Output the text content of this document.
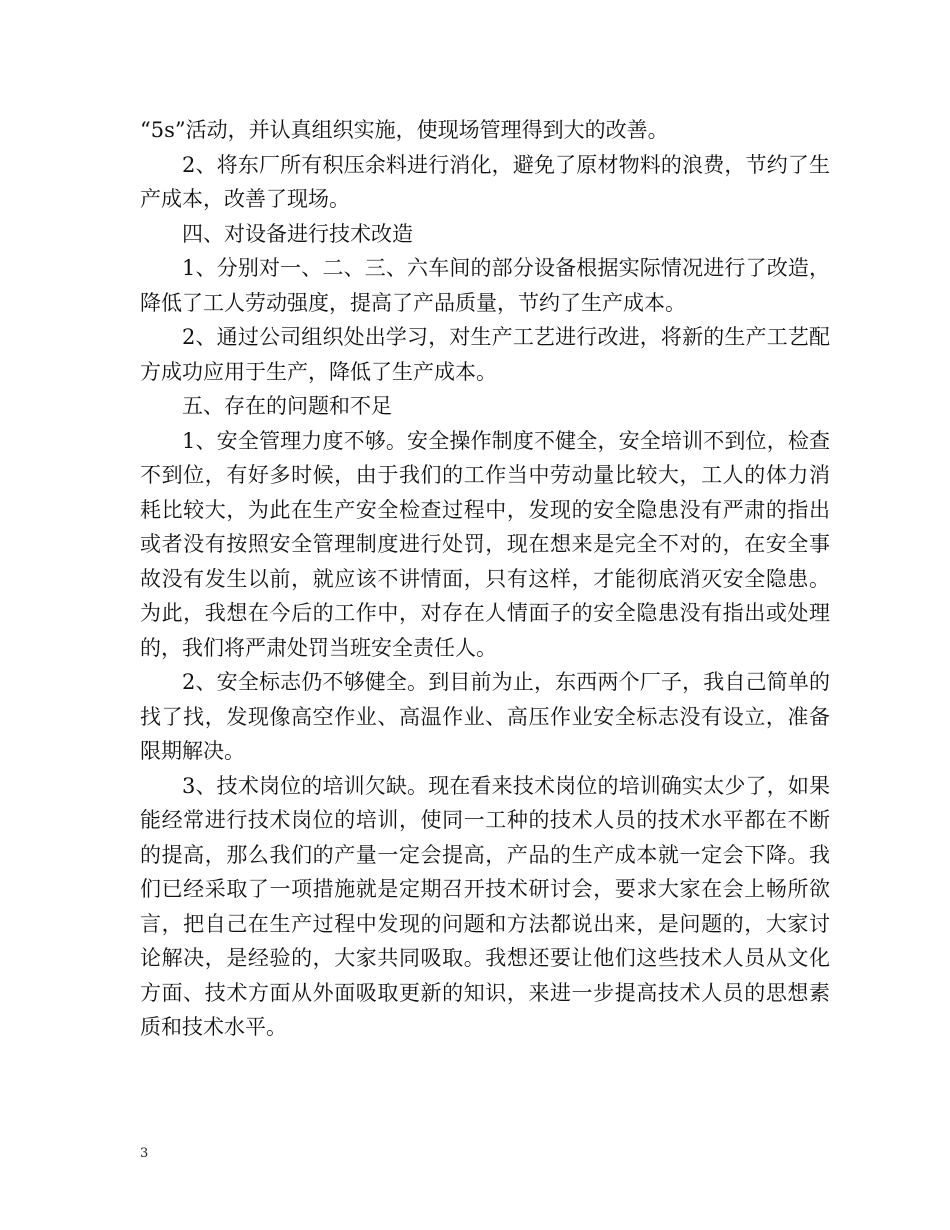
“5s”活动，并认真组织实施，使现场管理得到大的改善。

2、将东厂所有积压余料进行消化，避免了原材物料的浪费，节约了生产成本，改善了现场。

四、对设备进行技术改造

1、分别对一、二、三、六车间的部分设备根据实际情况进行了改造，降低了工人劳动强度，提高了产品质量，节约了生产成本。

2、通过公司组织处出学习，对生产工艺进行改进，将新的生产工艺配方成功应用于生产，降低了生产成本。

五、存在的问题和不足

1、安全管理力度不够。安全操作制度不健全，安全培训不到位，检查不到位，有好多时候，由于我们的工作当中劳动量比较大，工人的体力消耗比较大，为此在生产安全检查过程中，发现的安全隐患没有严肃的指出或者没有按照安全管理制度进行处罚，现在想来是完全不对的，在安全事故没有发生以前，就应该不讲情面，只有这样，才能彻底消灭安全隐患。为此，我想在今后的工作中，对存在人情面子的安全隐患没有指出或处理的，我们将严肃处罚当班安全责任人。

2、安全标志仍不够健全。到目前为止，东西两个厂子，我自己简单的找了找，发现像高空作业、高温作业、高压作业安全标志没有设立，准备限期解决。

3、技术岗位的培训欠缺。现在看来技术岗位的培训确实太少了，如果能经常进行技术岗位的培训，使同一工种的技术人员的技术水平都在不断的提高，那么我们的产量一定会提高，产品的生产成本就一定会下降。我们已经采取了一项措施就是定期召开技术研讨会，要求大家在会上畅所欲言，把自己在生产过程中发现的问题和方法都说出来，是问题的，大家讨论解决，是经验的，大家共同吸取。我想还要让他们这些技术人员从文化方面、技术方面从外面吸取更新的知识，来进一步提高技术人员的思想素质和技术水平。

3
